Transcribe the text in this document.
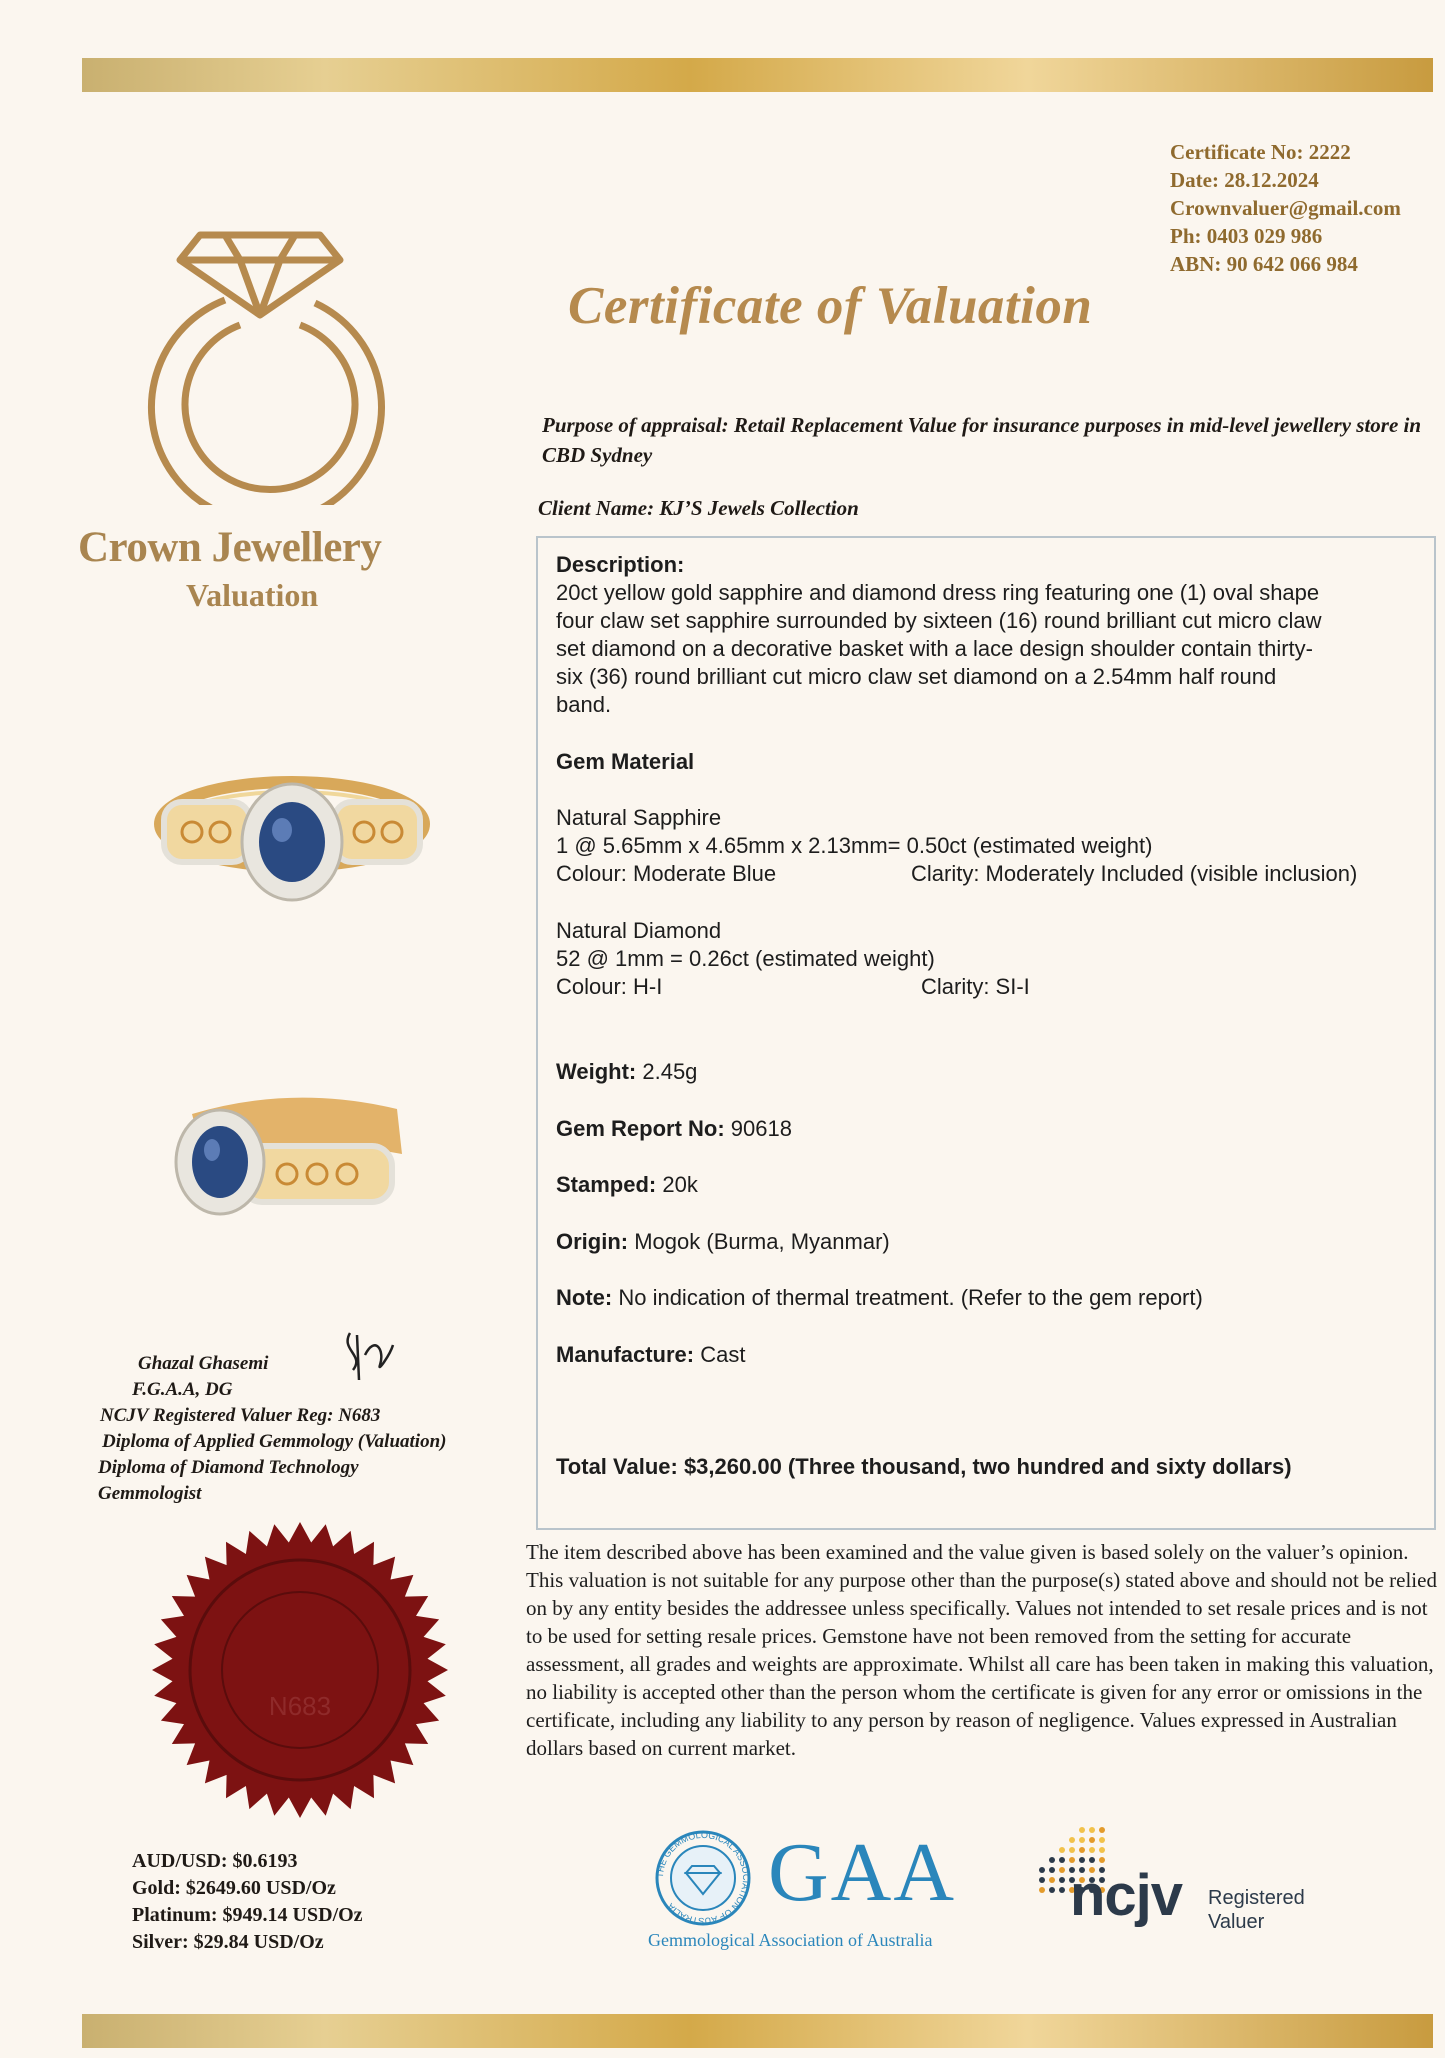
Certificate No: 2222
Date: 28.12.2024
Crownvaluer@gmail.com
Ph: 0403 029 986
ABN: 90 642 066 984
Crown Jewellery
Valuation
Certificate of Valuation
Purpose of appraisal: Retail Replacement Value for insurance purposes in mid-level jewellery store in CBD Sydney
Client Name: KJ’S Jewels Collection
Description:
20ct yellow gold sapphire and diamond dress ring featuring one (1) oval shape
four claw set sapphire surrounded by sixteen (16) round brilliant cut micro claw
set diamond on a decorative basket with a lace design shoulder contain thirty-
six (36) round brilliant cut micro claw set diamond on a 2.54mm half round
band.
Gem Material
Natural Sapphire
1 @ 5.65mm x 4.65mm x 2.13mm= 0.50ct (estimated weight)
Colour: Moderate Blue	Clarity: Moderately Included (visible inclusion)
Natural Diamond
52 @ 1mm = 0.26ct (estimated weight)
Colour: H-I	Clarity: SI-I
Weight: 2.45g
Gem Report No: 90618
Stamped: 20k
Origin: Mogok (Burma, Myanmar)
Note: No indication of thermal treatment. (Refer to the gem report)
Manufacture: Cast
Total Value: $3,260.00 (Three thousand, two hundred and sixty dollars)
Ghazal Ghasemi
F.G.A.A, DG
NCJV Registered Valuer Reg: N683
Diploma of Applied Gemmology (Valuation)
Diploma of Diamond Technology
Gemmologist
N683
The item described above has been examined and the value given is based solely on the valuer’s opinion. This valuation is not suitable for any purpose other than the purpose(s) stated above and should not be relied on by any entity besides the addressee unless specifically. Values not intended to set resale prices and is not to be used for setting resale prices. Gemstone have not been removed from the setting for accurate assessment, all grades and weights are approximate. Whilst all care has been taken in making this valuation, no liability is accepted other than the person whom the certificate is given for any error or omissions in the certificate, including any liability to any person by reason of negligence. Values expressed in Australian dollars based on current market.
AUD/USD: $0.6193
Gold: $2649.60 USD/Oz
Platinum: $949.14 USD/Oz
Silver: $29.84 USD/Oz
THE GEMMOLOGICAL ASSOCIATION OF AUSTRALIA	GAA
Gemmological Association of Australia
ncjv Registered
Valuer
